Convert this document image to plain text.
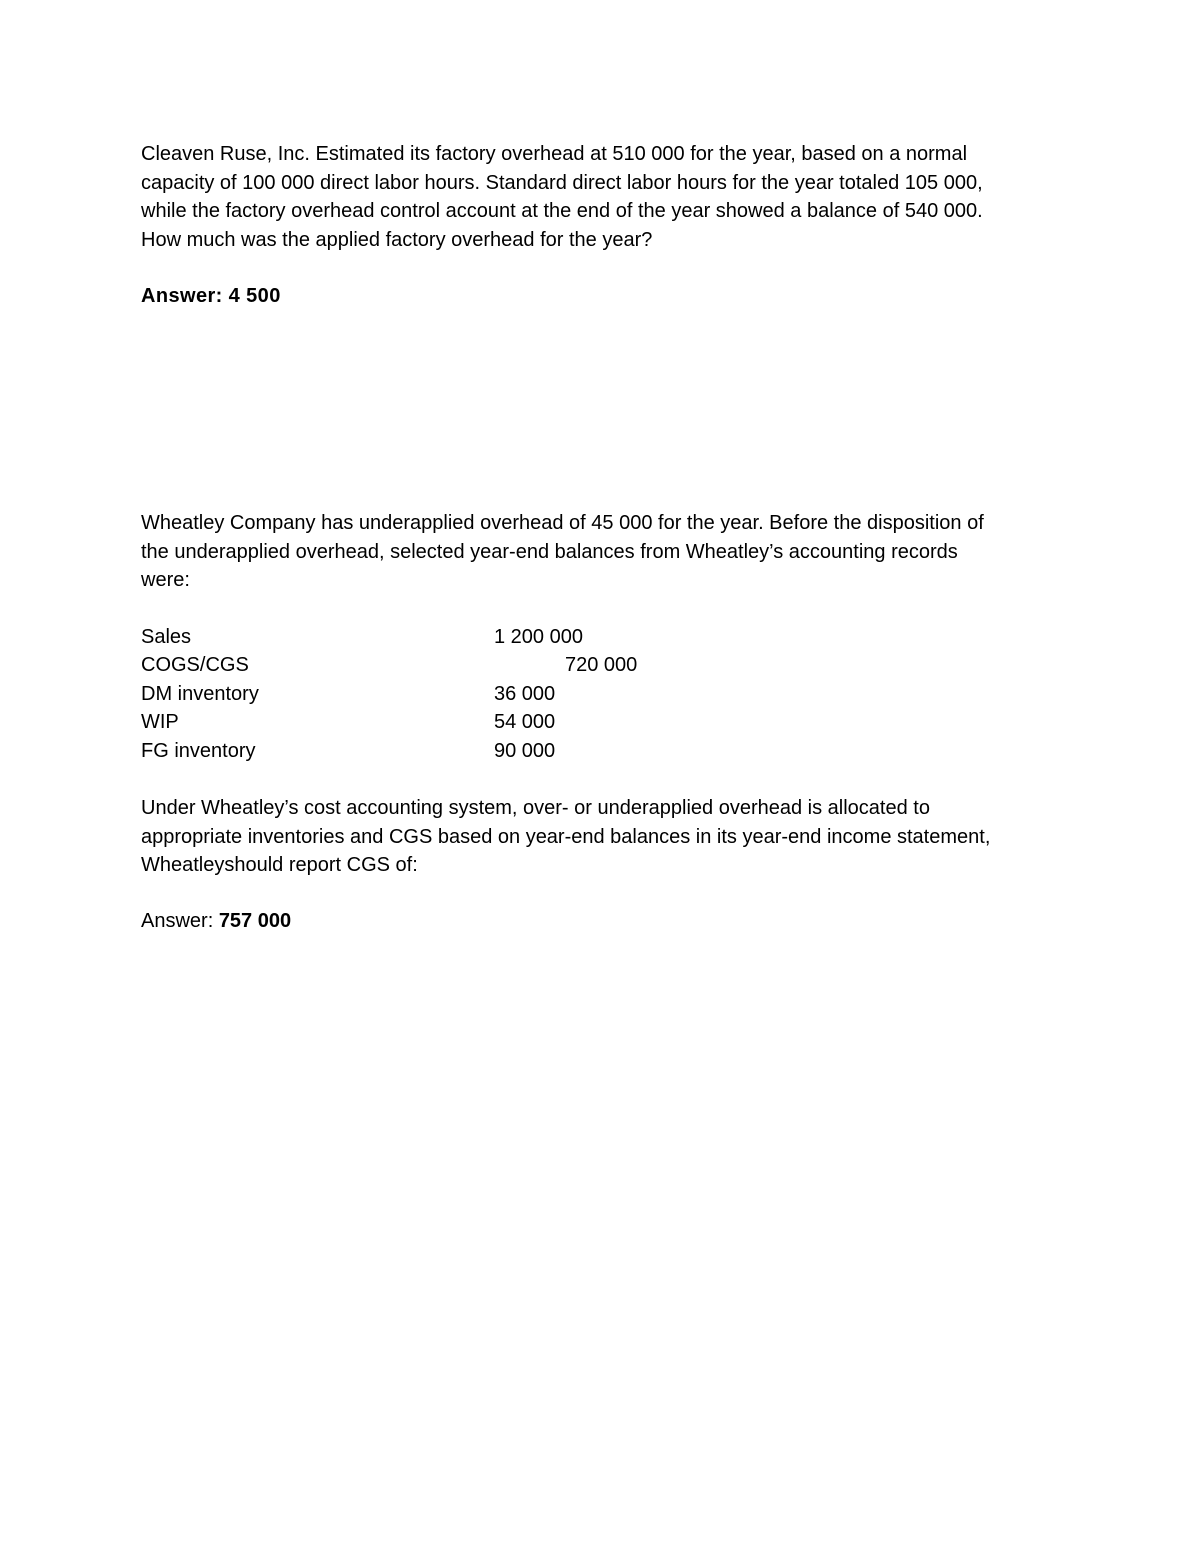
Cleaven Ruse, Inc. Estimated its factory overhead at 510 000 for the year, based on a normal
capacity of 100 000 direct labor hours. Standard direct labor hours for the year totaled 105 000,
while the factory overhead control account at the end of the year showed a balance of 540 000.
How much was the applied factory overhead for the year?
Answer: 4 500
Wheatley Company has underapplied overhead of 45 000 for the year. Before the disposition of
the underapplied overhead, selected year-end balances from Wheatley’s accounting records
were:
Sales	1 200 000
COGS/CGS	720 000
DM inventory	36 000
WIP	54 000
FG inventory	90 000
Under Wheatley’s cost accounting system, over- or underapplied overhead is allocated to
appropriate inventories and CGS based on year-end balances in its year-end income statement,
Wheatleyshould report CGS of:
Answer: 757 000
